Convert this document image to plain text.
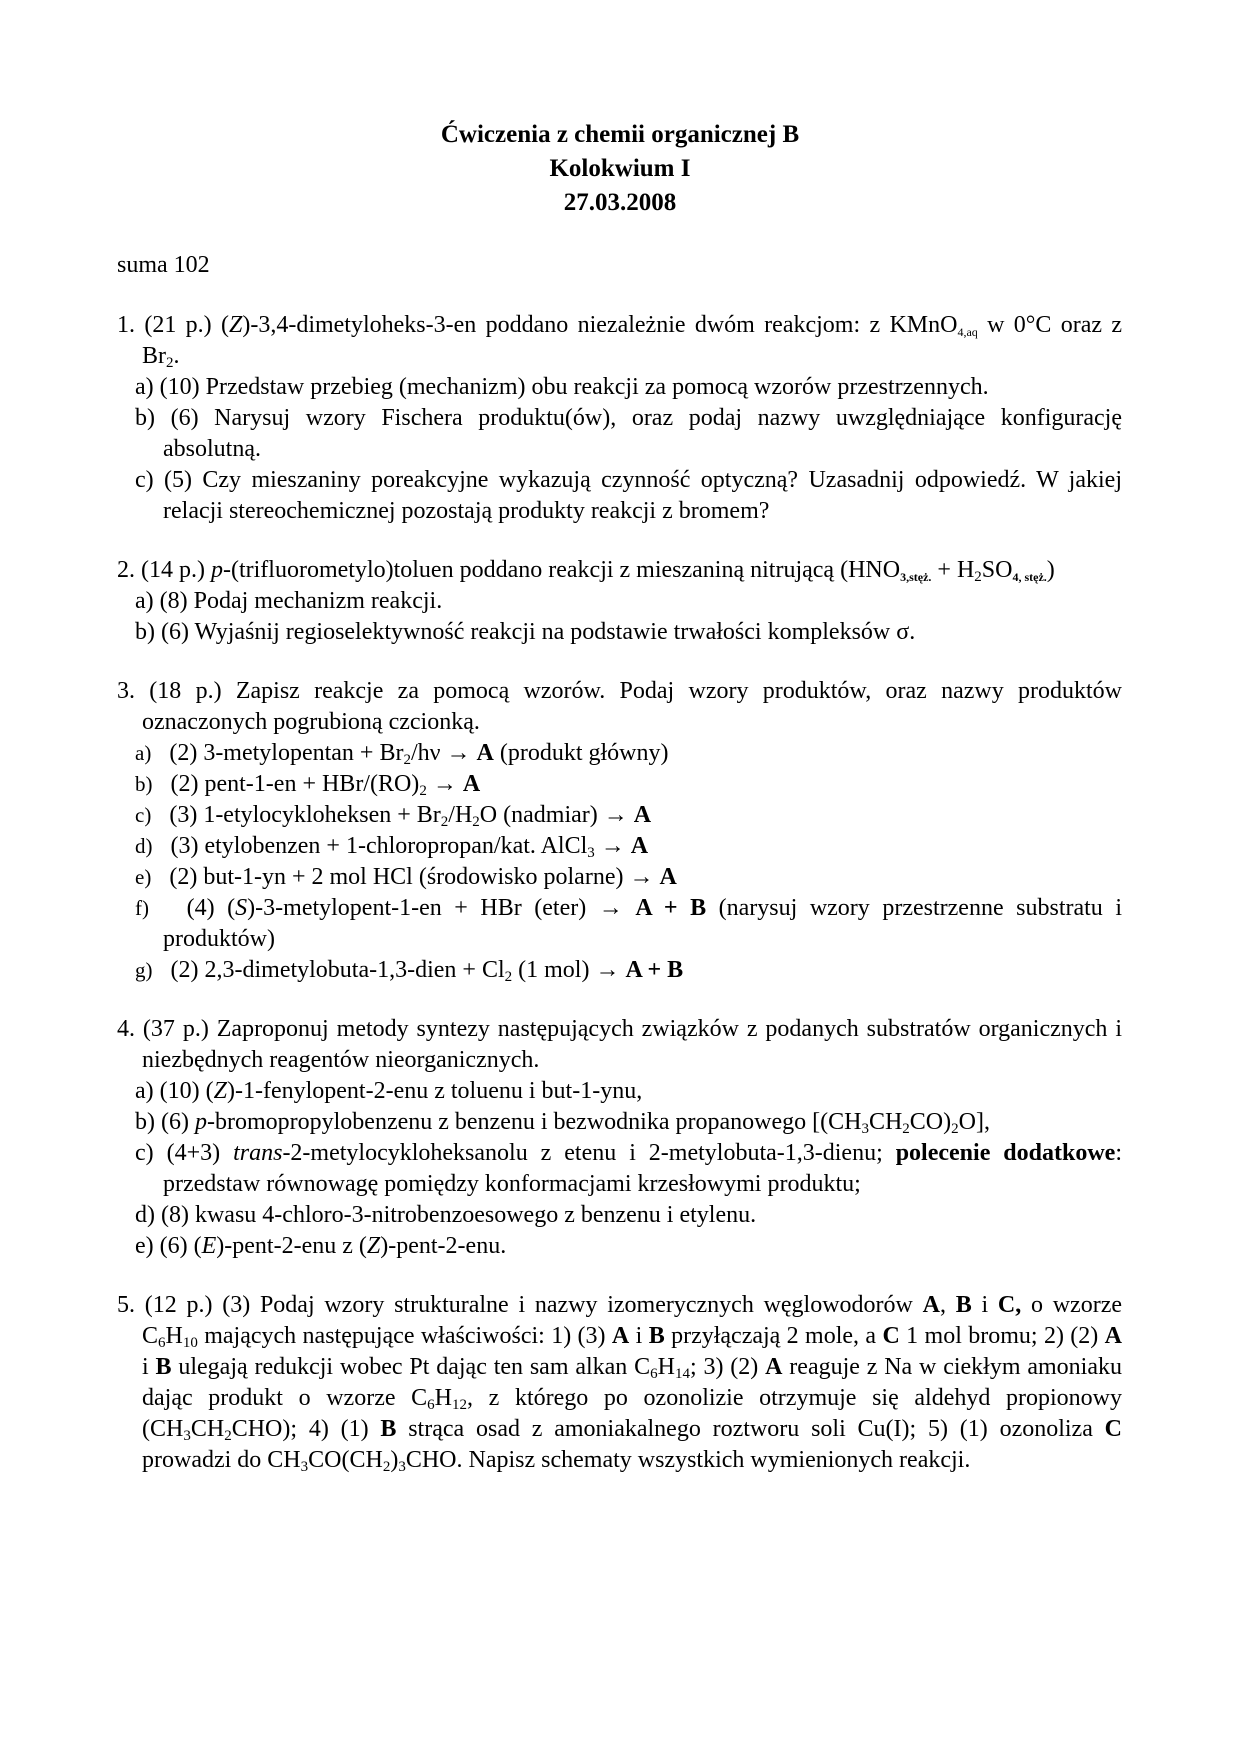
Ćwiczenia z chemii organicznej B
Kolokwium I
27.03.2008
suma 102
1. (21 p.) (Z)-3,4-dimetyloheks-3-en poddano niezależnie dwóm reakcjom: z KMnO$_{4,aq}$ w 0°C oraz z $Br_2$.
a) (10) Przedstaw przebieg (mechanizm) obu reakcji za pomocą wzorów przestrzennych.
b) (6) Narysuj wzory Fischera produktu(ów), oraz podaj nazwy uwzględniające konfigurację absolutną.
c) (5) Czy mieszaniny poreakcyjne wykazują czynność optyczną? Uzasadnij odpowiedź. W jakiej relacji stereochemicznej pozostają produkty reakcji z bromem?
2. (14 p.) p-(trifluorometylo)toluen poddano reakcji z mieszaniną nitrującą $(HNO_{3,stęż.} + H_2SO_{4, stęż.})$
a) (8) Podaj mechanizm reakcji.
b) (6) Wyjaśnij regioselektywność reakcji na podstawie trwałości kompleksów σ.
3. (18 p.) Zapisz reakcje za pomocą wzorów. Podaj wzory produktów, oraz nazwy produktów oznaczonych pogrubioną czcionką.
a) (2) 3-metylopentan + $Br_2/h\nu \to A$ (produkt główny)
b) (2) pent-1-en + HBr/$(RO)_2 \to A$
c) (3) 1-etylocykloheksen + $Br_2/H_2O$ (nadmiar) → A
d) (3) etylobenzen + 1-chloropropan/kat. AlCl$_3$ → A
e) (2) but-1-yn + 2 mol HCl (środowisko polarne) → A
f) (4) (S)-3-metylopent-1-en + HBr (eter) → A + B (narysuj wzory przestrzenne substratu i produktów)
g) (2) 2,3-dimetylobuta-1,3-dien + $Cl_2$ (1 mol) → A + B
4. (37 p.) Zaproponuj metody syntezy następujących związków z podanych substratów organicznych i niezbędnych reagentów nieorganicznych.
a) (10) (Z)-1-fenylopent-2-enu z toluenu i but-1-ynu,
b) (6) p-bromopropylobenzenu z benzenu i bezwodnika propanowego $[(CH_3CH_2CO)_2O]$,
c) (4+3) trans-2-metylocykloheksanolu z etenu i 2-metylobuta-1,3-dienu; polecenie dodatkowe: przedstaw równowagę pomiędzy konformacjami krzesłowymi produktu;
d) (8) kwasu 4-chloro-3-nitrobenzoesowego z benzenu i etylenu.
e) (6) (E)-pent-2-enu z (Z)-pent-2-enu.
5. (12 p.) (3) Podaj wzory strukturalne i nazwy izomerycznych węglowodorów A, B i C, o wzorze $C_6H_{10}$ mających następujące właściwości: 1) (3) A i B przyłączają 2 mole, a C 1 mol bromu; 2) (2) A i B ulegają redukcji wobec Pt dając ten sam alkan $C_6H_{14}$; 3) (2) A reaguje z Na w ciekłym amoniaku dając produkt o wzorze $C_6H_{12}$, z którego po ozonolizie otrzymuje się aldehyd propionowy $(CH_3CH_2CHO)$; 4) (1) B strąca osad z amoniakalnego roztworu soli Cu(I); 5) (1) ozonoliza C prowadzi do $CH_3CO(CH_2)_3CHO$. Napisz schematy wszystkich wymienionych reakcji.
